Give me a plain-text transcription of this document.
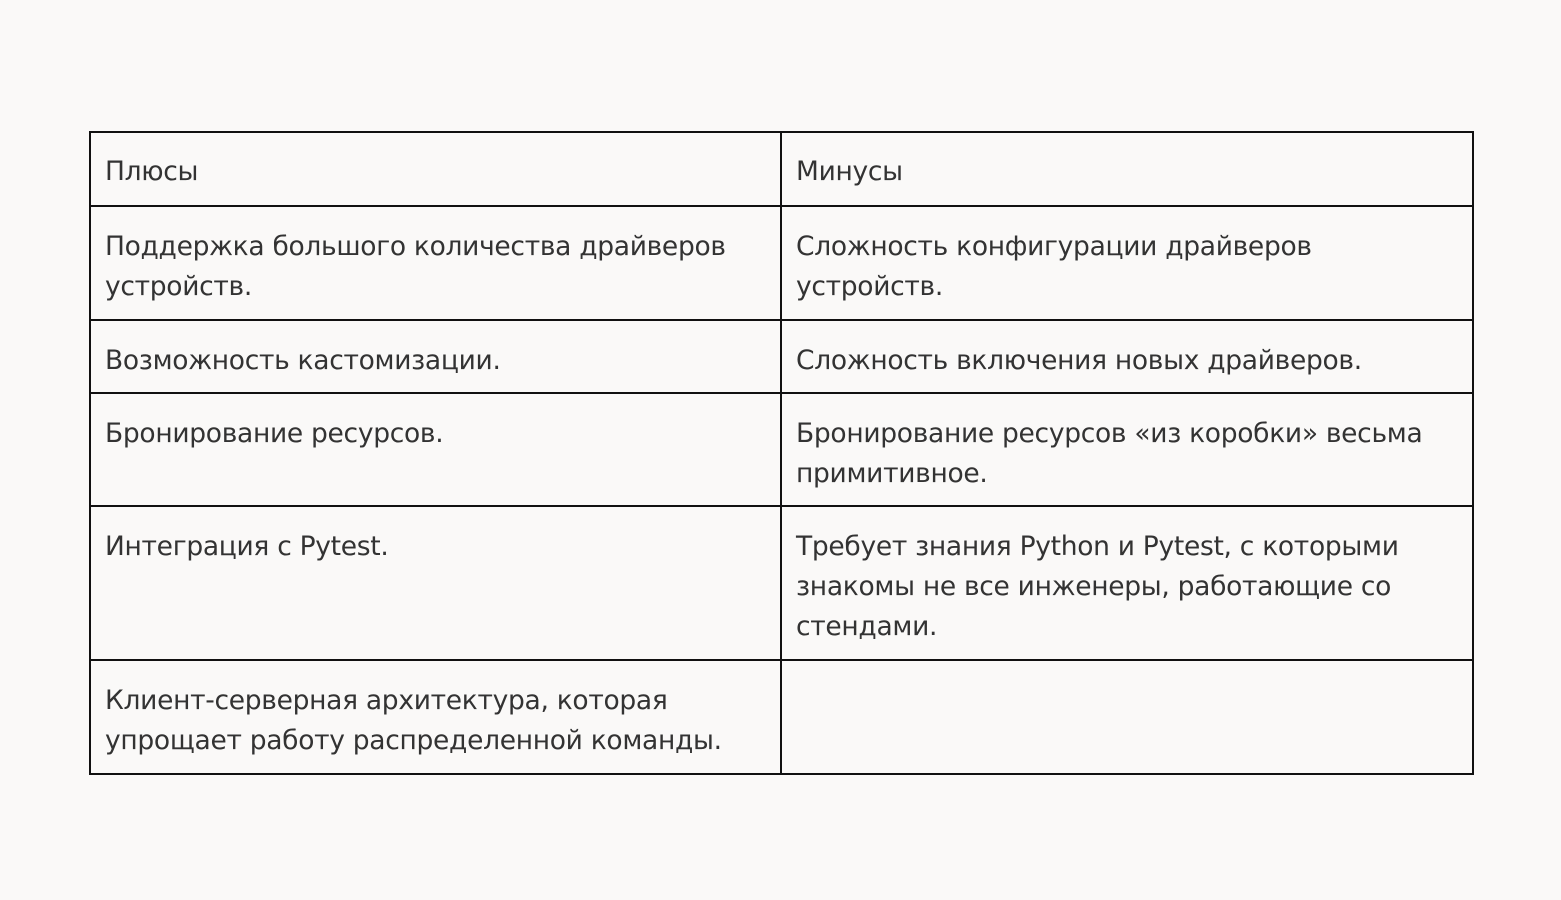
Плюсы	Минусы

Поддержка большого количества драйверов устройств.	Сложность конфигурации драйверов устройств.

Возможность кастомизации.	Сложность включения новых драйверов.

Бронирование ресурсов.	Бронирование ресурсов «из коробки» весьма примитивное.

Интеграция с Pytest.	Требует знания Python и Pytest, с которыми знакомы не все инженеры, работающие со стендами.

Клиент-серверная архитектура, которая упрощает работу распределенной команды.	
